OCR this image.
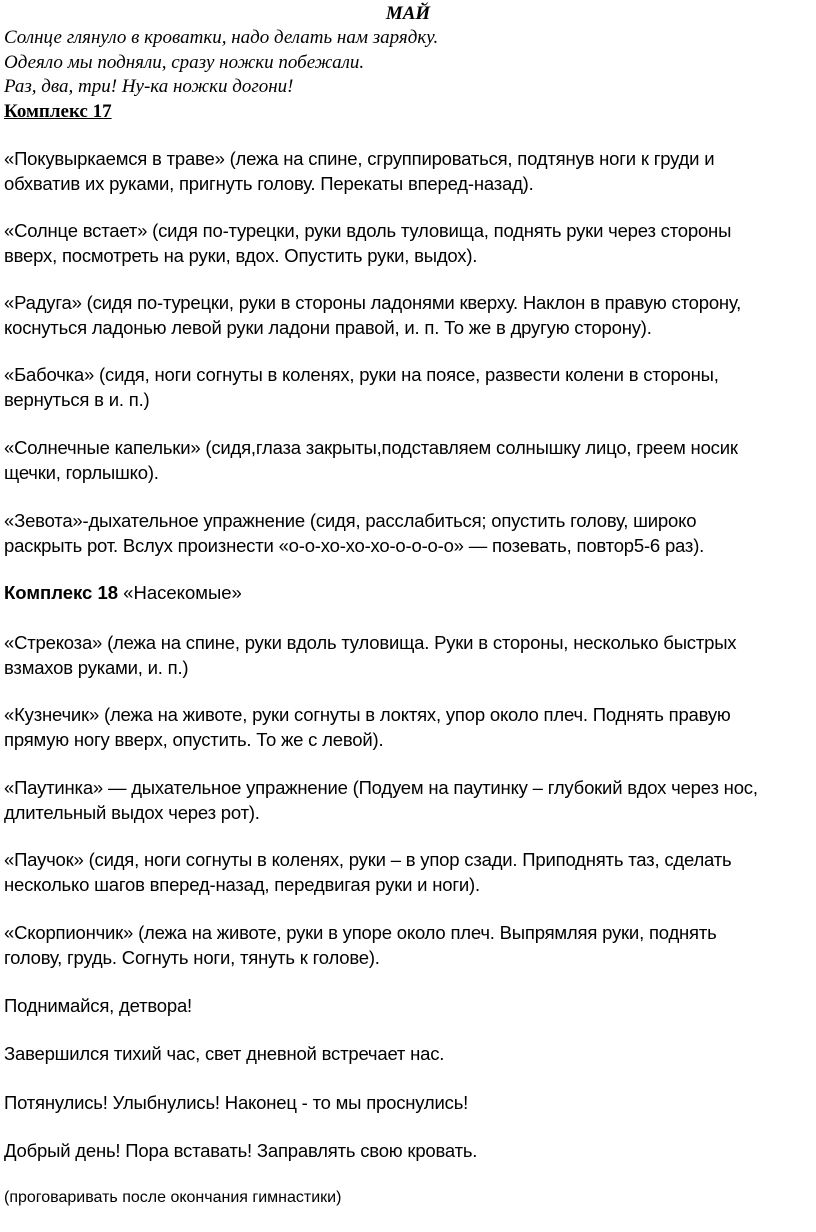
МАЙ
Солнце глянуло в кроватки, надо делать нам зарядку.
Одеяло мы подняли, сразу ножки побежали.
Раз, два, три! Ну-ка ножки догони!
Комплекс 17
«Покувыркаемся в траве» (лежа на спине, сгруппироваться, подтянув ноги к груди и
обхватив их руками, пригнуть голову. Перекаты вперед-назад).
«Солнце встает» (сидя по-турецки, руки вдоль туловища, поднять руки через стороны
вверх, посмотреть на руки, вдох. Опустить руки, выдох).
«Радуга» (сидя по-турецки, руки в стороны ладонями кверху. Наклон в правую сторону,
коснуться ладонью левой руки ладони правой, и. п. То же в другую сторону).
«Бабочка» (сидя, ноги согнуты в коленях, руки на поясе, развести колени в стороны,
вернуться в и. п.)
«Солнечные капельки» (сидя,глаза закрыты,подставляем солнышку лицо, греем носик
щечки, горлышко).
«Зевота»-дыхательное упражнение (сидя, расслабиться; опустить голову, широко
раскрыть рот. Вслух произнести «о-о-хо-хо-хо-о-о-о-о» — позевать, повтор5-6 раз).
Комплекс 18 «Насекомые»
«Стрекоза» (лежа на спине, руки вдоль туловища. Руки в стороны, несколько быстрых
взмахов руками, и. п.)
«Кузнечик» (лежа на животе, руки согнуты в локтях, упор около плеч. Поднять правую
прямую ногу вверх, опустить. То же с левой).
«Паутинка» — дыхательное упражнение (Подуем на паутинку – глубокий вдох через нос,
длительный выдох через рот).
«Паучок» (сидя, ноги согнуты в коленях, руки – в упор сзади. Приподнять таз, сделать
несколько шагов вперед-назад, передвигая руки и ноги).
«Скорпиончик» (лежа на животе, руки в упоре около плеч. Выпрямляя руки, поднять
голову, грудь. Согнуть ноги, тянуть к голове).
Поднимайся, детвора!
Завершился тихий час, свет дневной встречает нас.
Потянулись! Улыбнулись! Наконец - то мы проснулись!
Добрый день! Пора вставать! Заправлять свою кровать.
(проговаривать после окончания гимнастики)
